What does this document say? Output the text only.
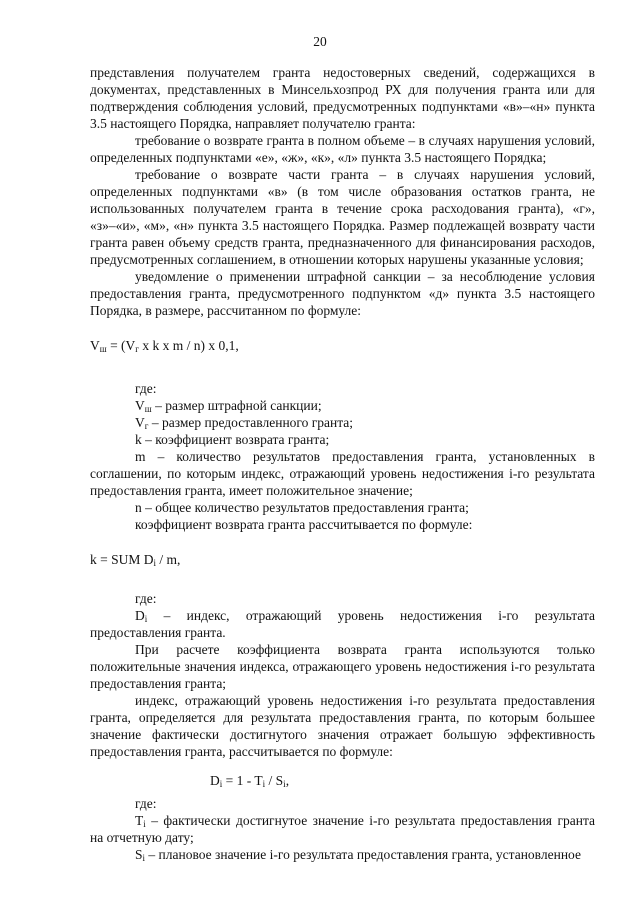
20

представления получателем гранта недостоверных сведений, содержащихся в документах, представленных в Минсельхозпрод РХ для получения гранта или для подтверждения соблюдения условий, предусмотренных подпунктами «в»–«н» пункта 3.5 настоящего Порядка, направляет получателю гранта:

требование о возврате гранта в полном объеме – в случаях нарушения условий, определенных подпунктами «е», «ж», «к», «л» пункта 3.5 настоящего Порядка;

требование о возврате части гранта – в случаях нарушения условий, определенных подпунктами «в» (в том числе образования остатков гранта, не использованных получателем гранта в течение срока расходования гранта), «г», «з»–«и», «м», «н» пункта 3.5 настоящего Порядка. Размер подлежащей возврату части гранта равен объему средств гранта, предназначенного для финансирования расходов, предусмотренных соглашением, в отношении которых нарушены указанные условия;

уведомление о применении штрафной санкции – за несоблюдение условия предоставления гранта, предусмотренного подпунктом «д» пункта 3.5 настоящего Порядка, в размере, рассчитанном по формуле:

$V_ш = (V_г$ x k x m / n) x 0,1,

где:

$V_ш$ – размер штрафной санкции;

$V_г$ – размер предоставленного гранта;

k – коэффициент возврата гранта;

m – количество результатов предоставления гранта, установленных в соглашении, по которым индекс, отражающий уровень недостижения i-го результата предоставления гранта, имеет положительное значение;

n – общее количество результатов предоставления гранта;

коэффициент возврата гранта рассчитывается по формуле:

k = SUM $D_i$ / m,

где:

$D_i$ – индекс, отражающий уровень недостижения i-го результата предоставления гранта.

При расчете коэффициента возврата гранта используются только положительные значения индекса, отражающего уровень недостижения i-го результата предоставления гранта;

индекс, отражающий уровень недостижения i-го результата предоставления гранта, определяется для результата предоставления гранта, по которым большее значение фактически достигнутого значения отражает большую эффективность предоставления гранта, рассчитывается по формуле:

$D_i = 1 - T_i / S_i$,

где:

$T_i$ – фактически достигнутое значение i-го результата предоставления гранта на отчетную дату;

$S_i$ – плановое значение i-го результата предоставления гранта, установленное
